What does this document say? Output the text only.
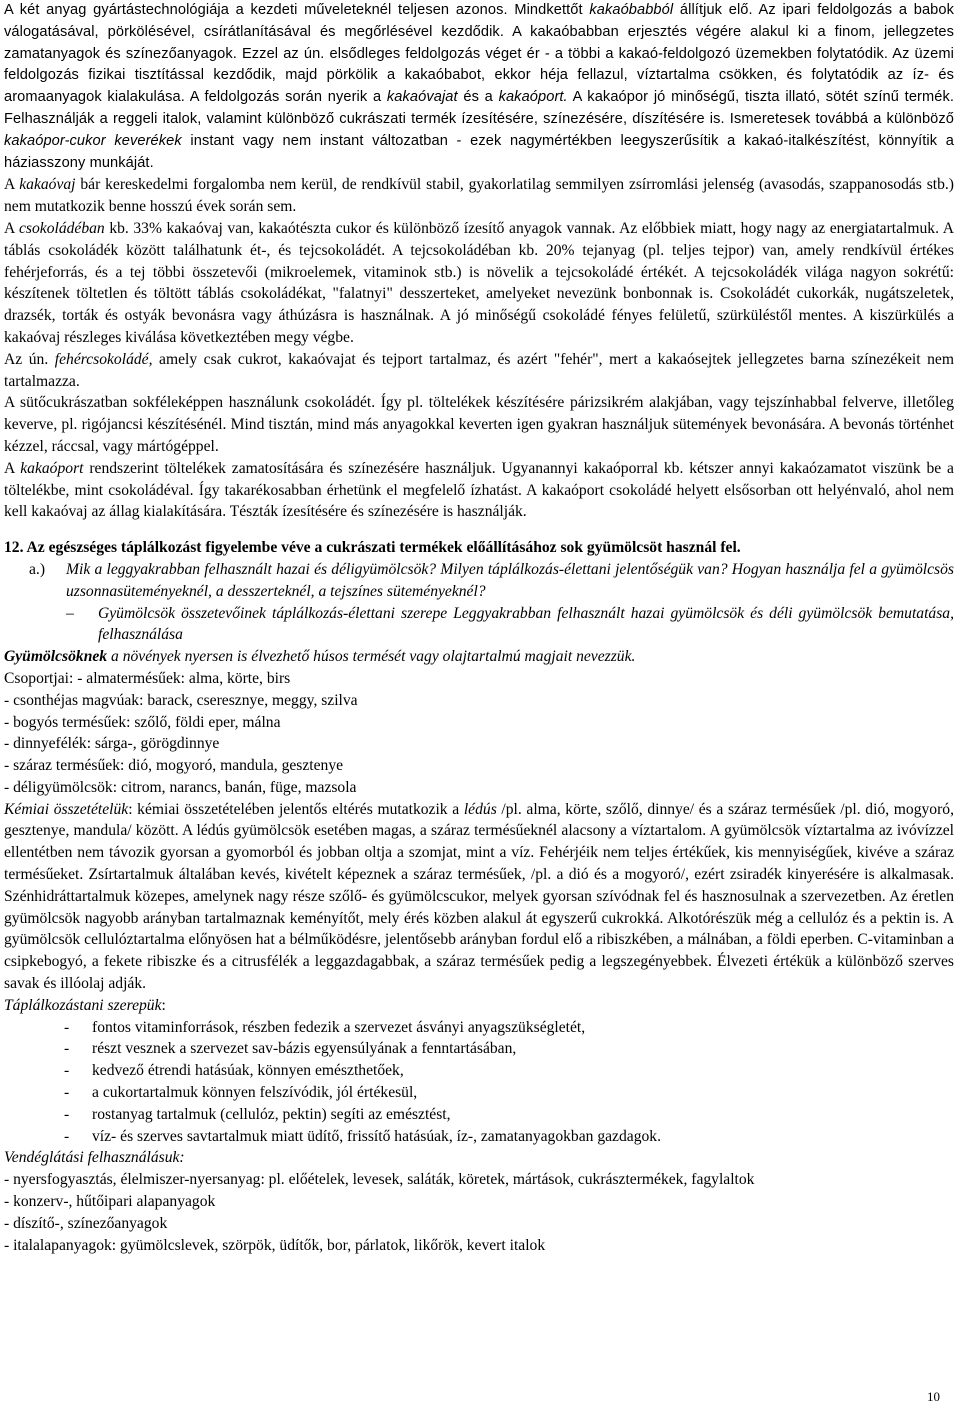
A két anyag gyártástechnológiája a kezdeti műveleteknél teljesen azonos. Mindkettőt kakaóbabból állítjuk elő. Az ipari feldolgozás a babok válogatásával, pörkölésével, csírátlanításával és megőrlésével kezdődik. A kakaóbabban erjesztés végére alakul ki a finom, jellegzetes zamatanyagok és színezőanyagok. Ezzel az ún. elsődleges feldolgozás véget ér - a többi a kakaó-feldolgozó üzemekben folytatódik. Az üzemi feldolgozás fizikai tisztítással kezdődik, majd pörkölik a kakaóbabot, ekkor héja fellazul, víztartalma csökken, és folytatódik az íz- és aromaanyagok kialakulása. A feldolgozás során nyerik a kakaóvajat és a kakaóport. A kakaópor jó minőségű, tiszta illató, sötét színű termék. Felhasználják a reggeli italok, valamint különböző cukrászati termék ízesítésére, színezésére, díszítésére is. Ismeretesek továbbá a különböző kakaópor-cukor keverékek instant vagy nem instant változatban - ezek nagymértékben leegyszerűsítik a kakaó-italkészítést, könnyítik a háziasszony munkáját.

A kakaóvaj bár kereskedelmi forgalomba nem kerül, de rendkívül stabil, gyakorlatilag semmilyen zsírromlási jelenség (avasodás, szappanosodás stb.) nem mutatkozik benne hosszú évek során sem.

A csokoládéban kb. 33% kakaóvaj van, kakaótészta cukor és különböző ízesítő anyagok vannak. Az előbbiek miatt, hogy nagy az energiatartalmuk. A táblás csokoládék között találhatunk ét-, és tejcsokoládét. A tejcsokoládéban kb. 20% tejanyag (pl. teljes tejpor) van, amely rendkívül értékes fehérjeforrás, és a tej többi összetevői (mikroelemek, vitaminok stb.) is növelik a tejcsokoládé értékét. A tejcsokoládék világa nagyon sokrétű: készítenek töltetlen és töltött táblás csokoládékat, "falatnyi" desszerteket, amelyeket nevezünk bonbonnak is. Csokoládét cukorkák, nugátszeletek, drazsék, torták és ostyák bevonásra vagy áthúzásra is használnak. A jó minőségű csokoládé fényes felületű, szürküléstől mentes. A kiszürkülés a kakaóvaj részleges kiválása következtében megy végbe.

Az ún. fehércsokoládé, amely csak cukrot, kakaóvajat és tejport tartalmaz, és azért "fehér", mert a kakaósejtek jellegzetes barna színezékeit nem tartalmazza.

A sütőcukrászatban sokféleképpen használunk csokoládét. Így pl. töltelékek készítésére párizsikrém alakjában, vagy tejszínhabbal felverve, illetőleg keverve, pl. rigójancsi készítésénél. Mind tisztán, mind más anyagokkal keverten igen gyakran használjuk sütemények bevonására. A bevonás történhet kézzel, ráccsal, vagy mártógéppel.

A kakaóport rendszerint töltelékek zamatosítására és színezésére használjuk. Ugyanannyi kakaóporral kb. kétszer annyi kakaózamatot viszünk be a töltelékbe, mint csokoládéval. Így takarékosabban érhetünk el megfelelő ízhatást. A kakaóport csokoládé helyett elsősorban ott helyénvaló, ahol nem kell kakaóvaj az állag kialakítására. Tészták ízesítésére és színezésére is használják.

12. Az egészséges táplálkozást figyelembe véve a cukrászati termékek előállításához sok gyümölcsöt használ fel.

a.)	Mik a leggyakrabban felhasznált hazai és déligyümölcsök? Milyen táplálkozás-élettani jelentőségük van? Hogyan használja fel a gyümölcsös uzsonnasüteményeknél, a desszerteknél, a tejszínes süteményeknél?
–	Gyümölcsök összetevőinek táplálkozás-élettani szerepe Leggyakrabban felhasznált hazai gyümölcsök és déli gyümölcsök bemutatása, felhasználása

Gyümölcsöknek a növények nyersen is élvezhető húsos termését vagy olajtartalmú magjait nevezzük.

Csoportjai: - almatermésűek: alma, körte, birs

- csonthéjas magvúak: barack, cseresznye, meggy, szilva

- bogyós termésűek: szőlő, földi eper, málna

- dinnyefélék: sárga-, görögdinnye

- száraz termésűek: dió, mogyoró, mandula, gesztenye

- déligyümölcsök: citrom, narancs, banán, füge, mazsola

Kémiai összetételük: kémiai összetételében jelentős eltérés mutatkozik a lédús /pl. alma, körte, szőlő, dinnye/ és a száraz termésűek /pl. dió, mogyoró, gesztenye, mandula/ között. A lédús gyümölcsök esetében magas, a száraz termésűeknél alacsony a víztartalom. A gyümölcsök víztartalma az ivóvízzel ellentétben nem távozik gyorsan a gyomorból és jobban oltja a szomjat, mint a víz. Fehérjéik nem teljes értékűek, kis mennyiségűek, kivéve a száraz termésűeket. Zsírtartalmuk általában kevés, kivételt képeznek a száraz termésűek, /pl. a dió és a mogyoró/, ezért zsiradék kinyerésére is alkalmasak. Szénhidráttartalmuk közepes, amelynek nagy része szőlő- és gyümölcscukor, melyek gyorsan szívódnak fel és hasznosulnak a szervezetben. Az éretlen gyümölcsök nagyobb arányban tartalmaznak keményítőt, mely érés közben alakul át egyszerű cukrokká. Alkotórészük még a cellulóz és a pektin is. A gyümölcsök cellulóztartalma előnyösen hat a bélműködésre, jelentősebb arányban fordul elő a ribiszkében, a málnában, a földi eperben. C-vitaminban a csipkebogyó, a fekete ribiszke és a citrusfélék a leggazdagabbak, a száraz termésűek pedig a legszegényebbek. Élvezeti értékük a különböző szerves savak és illóolaj adják.

Táplálkozástani szerepük:

-	fontos vitaminforrások, részben fedezik a szervezet ásványi anyagszükségletét,
-	részt vesznek a szervezet sav-bázis egyensúlyának a fenntartásában,
-	kedvező étrendi hatásúak, könnyen emészthetőek,
-	a cukortartalmuk könnyen felszívódik, jól értékesül,
-	rostanyag tartalmuk (cellulóz, pektin) segíti az emésztést,
-	víz- és szerves savtartalmuk miatt üdítő, frissítő hatásúak, íz-, zamatanyagokban gazdagok.

Vendéglátási felhasználásuk:

- nyersfogyasztás, élelmiszer-nyersanyag: pl. előételek, levesek, saláták, köretek, mártások, cukrásztermékek, fagylaltok

- konzerv-, hűtőipari alapanyagok

- díszítő-, színezőanyagok

- italalapanyagok: gyümölcslevek, szörpök, üdítők, bor, párlatok, likőrök, kevert italok

10
